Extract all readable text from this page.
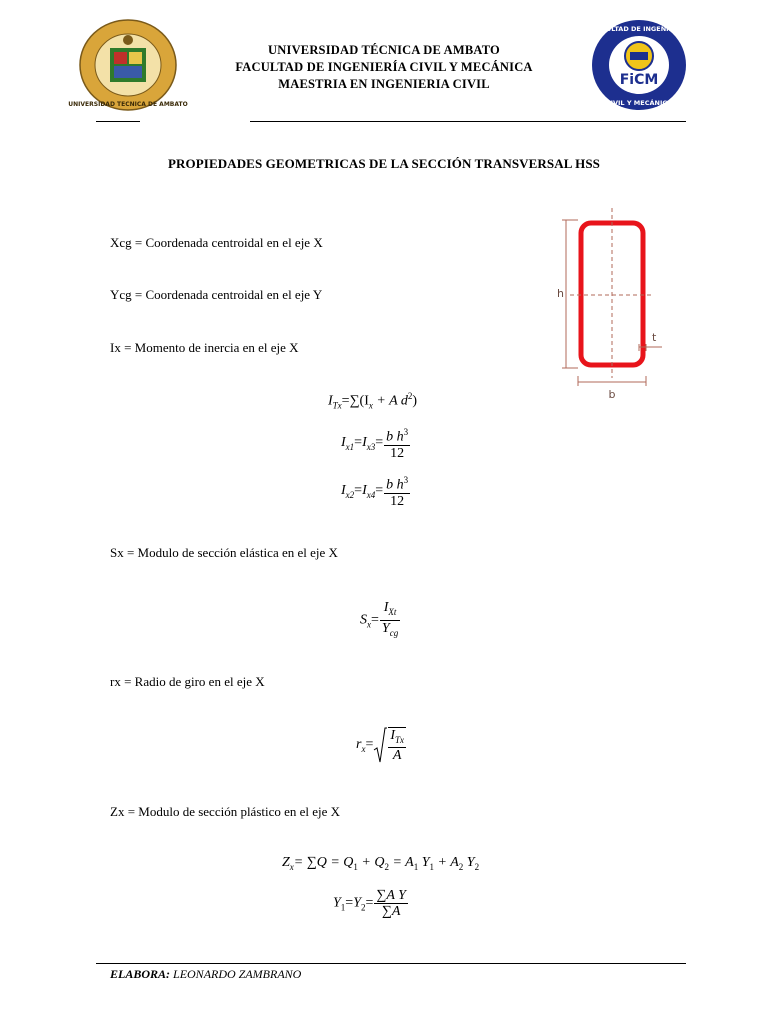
UNIVERSIDAD TECNICA DE AMBATO
UNIVERSIDAD TÉCNICA DE AMBATO
FACULTAD DE INGENIERÍA CIVIL Y MECÁNICA
MAESTRIA EN INGENIERIA CIVIL	FiCM
FACULTAD DE INGENIERIA
CIVIL Y MECÁNICA
PROPIEDADES GEOMETRICAS DE LA SECCIÓN TRANSVERSAL HSS
Xcg = Coordenada centroidal en el eje X
Ycg = Coordenada centroidal en el eje Y
Ix = Momento de inercia en el eje X
Sx = Modulo de sección elástica en el eje X
rx = Radio de giro en el eje X
Zx = Modulo de sección plástico en el eje X
h
t
b
$I_{Tx}=\sum(I_x + A$ $d^2$)
$I_{x1}=I_{x3}= \frac{b h^3}{12}$
$I_{x2}=I_{x4}= \frac{b h^3}{12}$
$S_x= \frac{I_{Xt}}{Y_{cg}}$
$r_x= \frac{I_{Tx}}{A}$
$Z_x= \sum Q = Q_1 + Q_2 = A_1$ $Y_1 + A_2$ $Y_2$
$Y_1=Y_2= \frac{\text{∑A Y}}{\sum A}$
ELABORA: LEONARDO ZAMBRANO
